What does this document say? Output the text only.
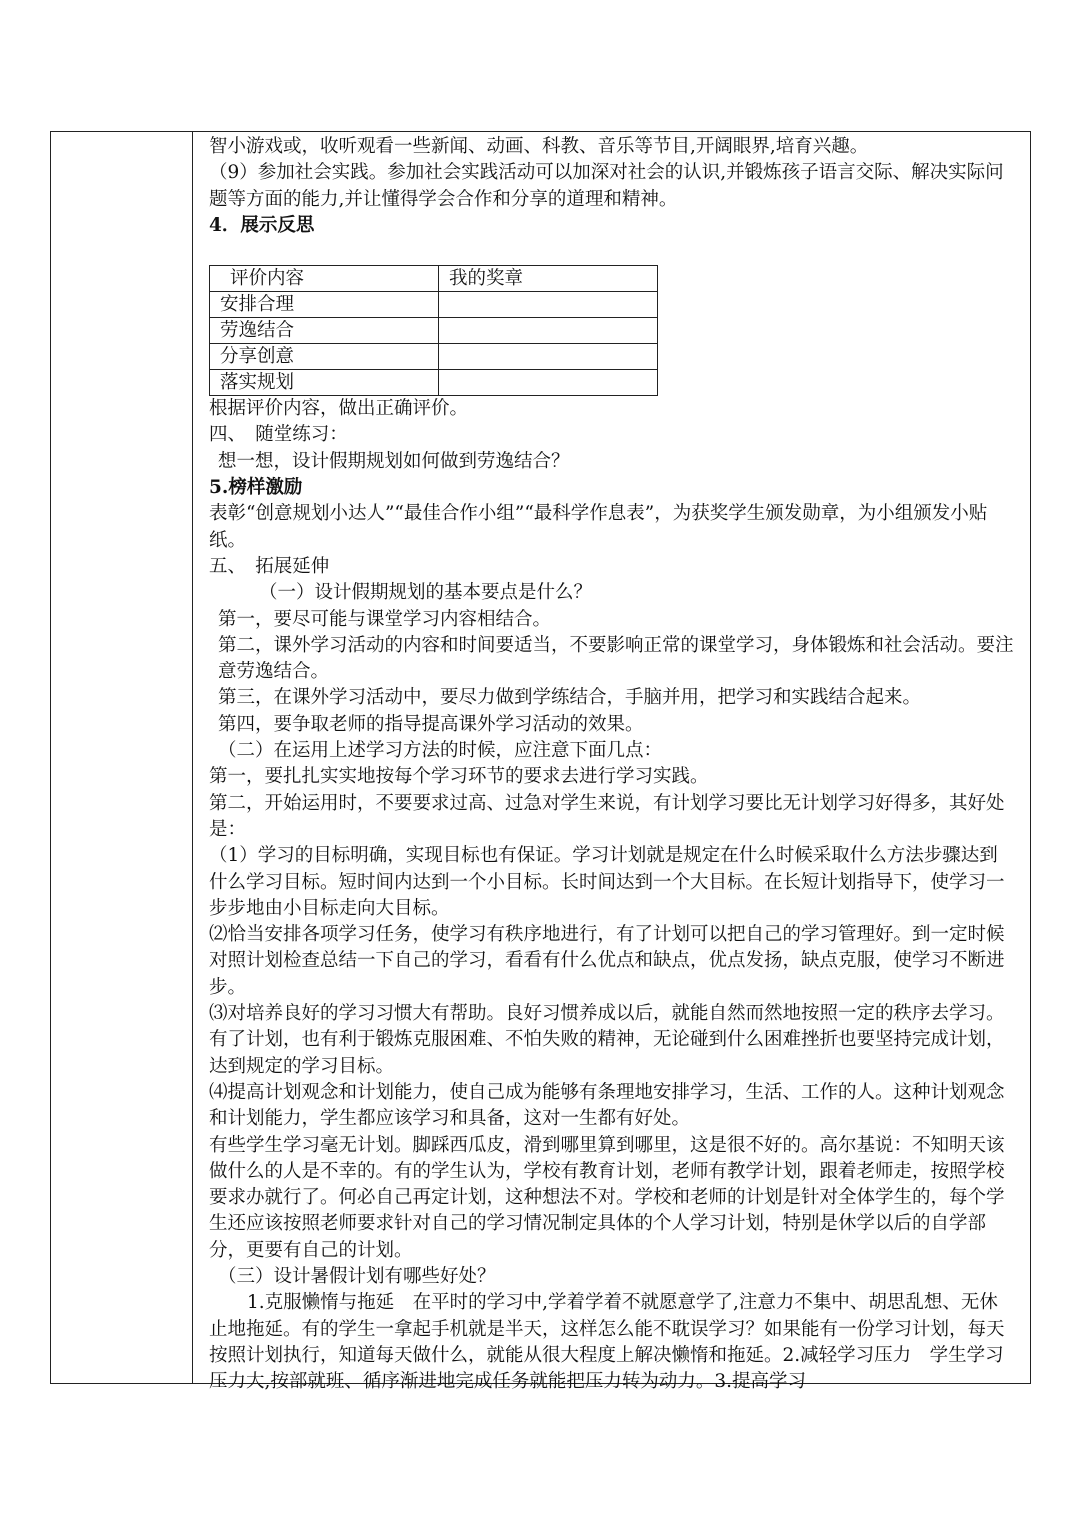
智小游戏或，收听观看一些新闻、动画、科教、音乐等节目,开阔眼界,培育兴趣。

（9）参加社会实践。参加社会实践活动可以加深对社会的认识,并锻炼孩子语言交际、解决实际问题等方面的能力,并让懂得学会合作和分享的道理和精神。

4．展示反思

评价内容	我的奖章
安排合理	
劳逸结合	
分享创意	
落实规划	

根据评价内容，做出正确评价。

四、　随堂练习：

想一想，设计假期规划如何做到劳逸结合？

5.榜样激励

表彰“创意规划小达人”“最佳合作小组”“最科学作息表”，为获奖学生颁发勋章，为小组颁发小贴纸。

五、　拓展延伸

（一）设计假期规划的基本要点是什么？

第一，要尽可能与课堂学习内容相结合。

第二，课外学习活动的内容和时间要适当，不要影响正常的课堂学习，身体锻炼和社会活动。要注意劳逸结合。

第三，在课外学习活动中，要尽力做到学练结合，手脑并用，把学习和实践结合起来。

第四，要争取老师的指导提高课外学习活动的效果。

（二）在运用上述学习方法的时候，应注意下面几点：

第一，要扎扎实实地按每个学习环节的要求去进行学习实践。

第二，开始运用时，不要要求过高、过急对学生来说，有计划学习要比无计划学习好得多，其好处是：

（1）学习的目标明确，实现目标也有保证。学习计划就是规定在什么时候采取什么方法步骤达到什么学习目标。短时间内达到一个小目标。长时间达到一个大目标。在长短计划指导下，使学习一步步地由小目标走向大目标。

⑵恰当安排各项学习任务，使学习有秩序地进行，有了计划可以把自己的学习管理好。到一定时候对照计划检查总结一下自己的学习，看看有什么优点和缺点，优点发扬，缺点克服，使学习不断进步。

⑶对培养良好的学习习惯大有帮助。良好习惯养成以后，就能自然而然地按照一定的秩序去学习。有了计划，也有利于锻炼克服困难、不怕失败的精神，无论碰到什么困难挫折也要坚持完成计划，达到规定的学习目标。

⑷提高计划观念和计划能力，使自己成为能够有条理地安排学习，生活、工作的人。这种计划观念和计划能力，学生都应该学习和具备，这对一生都有好处。

有些学生学习毫无计划。脚踩西瓜皮，滑到哪里算到哪里，这是很不好的。高尔基说：不知明天该做什么的人是不幸的。有的学生认为，学校有教育计划，老师有教学计划，跟着老师走，按照学校要求办就行了。何必自己再定计划，这种想法不对。学校和老师的计划是针对全体学生的，每个学生还应该按照老师要求针对自己的学习情况制定具体的个人学习计划，特别是休学以后的自学部分，更要有自己的计划。

（三）设计暑假计划有哪些好处？

1.克服懒惰与拖延　在平时的学习中,学着学着不就愿意学了,注意力不集中、胡思乱想、无休止地拖延。有的学生一拿起手机就是半天，这样怎么能不耽误学习？如果能有一份学习计划，每天按照计划执行，知道每天做什么，就能从很大程度上解决懒惰和拖延。2.减轻学习压力　学生学习压力大,按部就班、循序渐进地完成任务就能把压力转为动力。3.提高学习
